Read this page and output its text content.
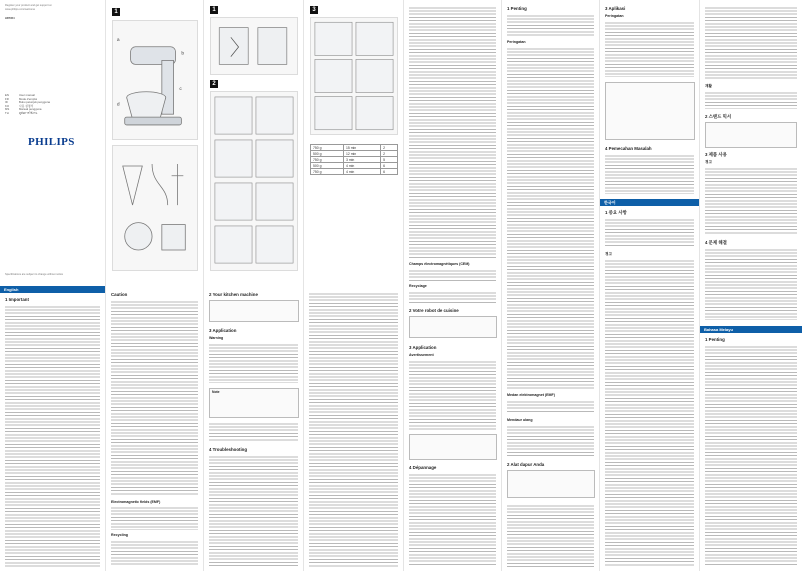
Register your product and get support at
www.philips.com/welcome
HR7954
EN	User manual
FR	Mode d'emploi
ID	Buku petunjuk pengguna
KO	사용 설명서
MS	Manual pengguna
TH	คู่มือการใช้งาน
PHILIPS
Specifications are subject to change without notice
English
1 Important
1
a
b
c
d
Caution
Electromagnetic fields (EMF)
Recycling
1
2
2 Your kitchen machine
3 Application
Warning
Note
4 Troubleshooting
3
750 g	15 min	2
500 g	12 min	2
750 g	3 min	5
500 g	4 min	6
750 g	4 min	6
Champs électromagnétiques (CEM)
Recyclage
2 Votre robot de cuisine
3 Application
Avertissement
4 Dépannage
1 Penting
Peringatan
Medan elektromagnet (EMF)
Mendaur ulang
2 Alat dapur Anda
3 Aplikasi
Peringatan
4 Pemecahan Masalah
한국어
1 중요 사항
경고
재활
2 스탠드 믹서
3 제품 사용
경고
4 문제 해결
Bahasa Melayu
1 Penting
